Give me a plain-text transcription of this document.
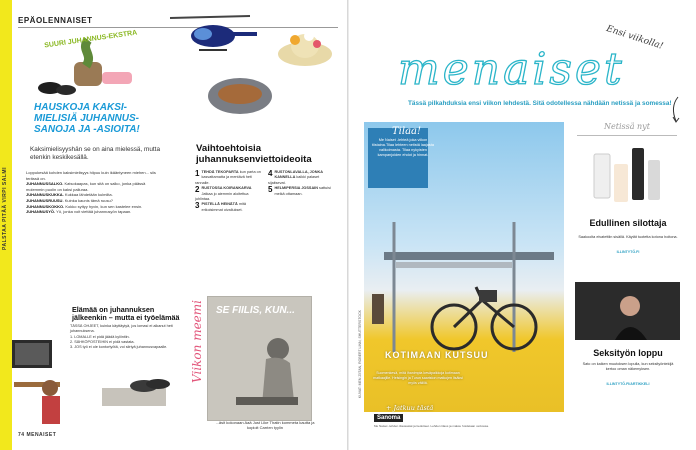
PALSTAA PITÄÄ VIRPI SALMI
EPÄOLENNAISET
SUURI JUHANNUS-EKSTRA
HAUSKOJA KAKSI-MIELISIÄ JUHANNUS-SANOJA JA -ASIOITA!
Kaksimielisyyshän se on aina mielessä, mutta etenkin keskikesällä.

Loppukesää kohden kaksimielisyys hiipuu kuin ikääntyneen miehen... siis terässä on.

JUHANNUSSALKO. Katsokaapas, kun sitä on salko, jonka päässä molemmin puolin on kaksi palluraa.

JUHANNUSKUKKA. Kukkaa lähdetään kulmilta.

JUHANNUSRUUSU. Kuinka kaunis tämä ruusu?

JUHANNUSKOKKO. Kokko syttyy hyvin, kun sen kastelee ensin.

JUHANNUSYÖ. Yö, jonka voit viettää juhannusyön tapaan.

Vaihtoehtoisia juhannuksenviettoideoita

1 TEHDÄ TEKOPARTA kun parta on kasvattamatta ja mentävä heti rannalle.

2 RUSTOSSA KOIRANKARVA Jatkaa jo aiemmin aloitettua juhlintaa.

3 PISTELLÄ HEINÄTÄ mitä erikoisimmat oivallukset.

4 RUSTONLAVALLA, JONKA KANNELLA kaikki palaset sijaitsevat.

5 HELMIPERSIA JOSSAIN sattuisi meikä ottamaan.

Elämää on juhannuksen jälkeenkin – mutta ei työelämää

TÄSSÄ OHJEET, kuinka käyttäytyä, jos lomasi ei alkanut heti juhannuksena.

1. LOMALLE ei pidä jäädä kyliintiin.

2. SÄHKÖPOSTEIHIN ei pidä vastata.

3. JOS työ ei ole kontortyötä, voi siirtyä juhannusvapaalle.	Viikon meemi SE FIILIS, KUN...
...äsit kokonaan Aaä Just Like Thatin kommeta kautta ja kopioit Carrien tyylin
74 MENAISET
Ensi viikolla!
menaiset
Tässä pilkahduksia ensi viikon lehdestä. Sitä odotellessa nähdään netissä ja somessa!
Tilaa!
Me Naiset -lehteä joka viikon tiistaina.Tilaa lehteen netistä laajasta valikoimasta. Tilaa nykyisten kampanjoiden ehdot ja hinnat.
KOTIMAAN KUTSUU
Suomenkesä, mitä ihanimpia kesäpaikkoja kotimaan matkaajille. Helsingin ja Turun saariston matkojen lisäksi myös välillä.
+ Jatkuu tästä
KUVAT: MEN ZIITAN, ROBERT LINN, SHUTTERSTOCK
Netissä nyt
Edullinen silottaja
Saakoolta elvatettiin sisällä. Käytät tuotetta kotona hoitona.
ILLINTYTÖ.FI
Seksityön loppu
Sato on kaiken muutoksen lopulla, kun seksityöntekijä kertoo oman näkemyksen.
ILLINTYTÖ.FI/ARTIKKELI
Sanoma
Me Naiset -lehden tilausasiat ja tiedotteet. Lehden tilaus ja maksu hoidetaan verkossa.
